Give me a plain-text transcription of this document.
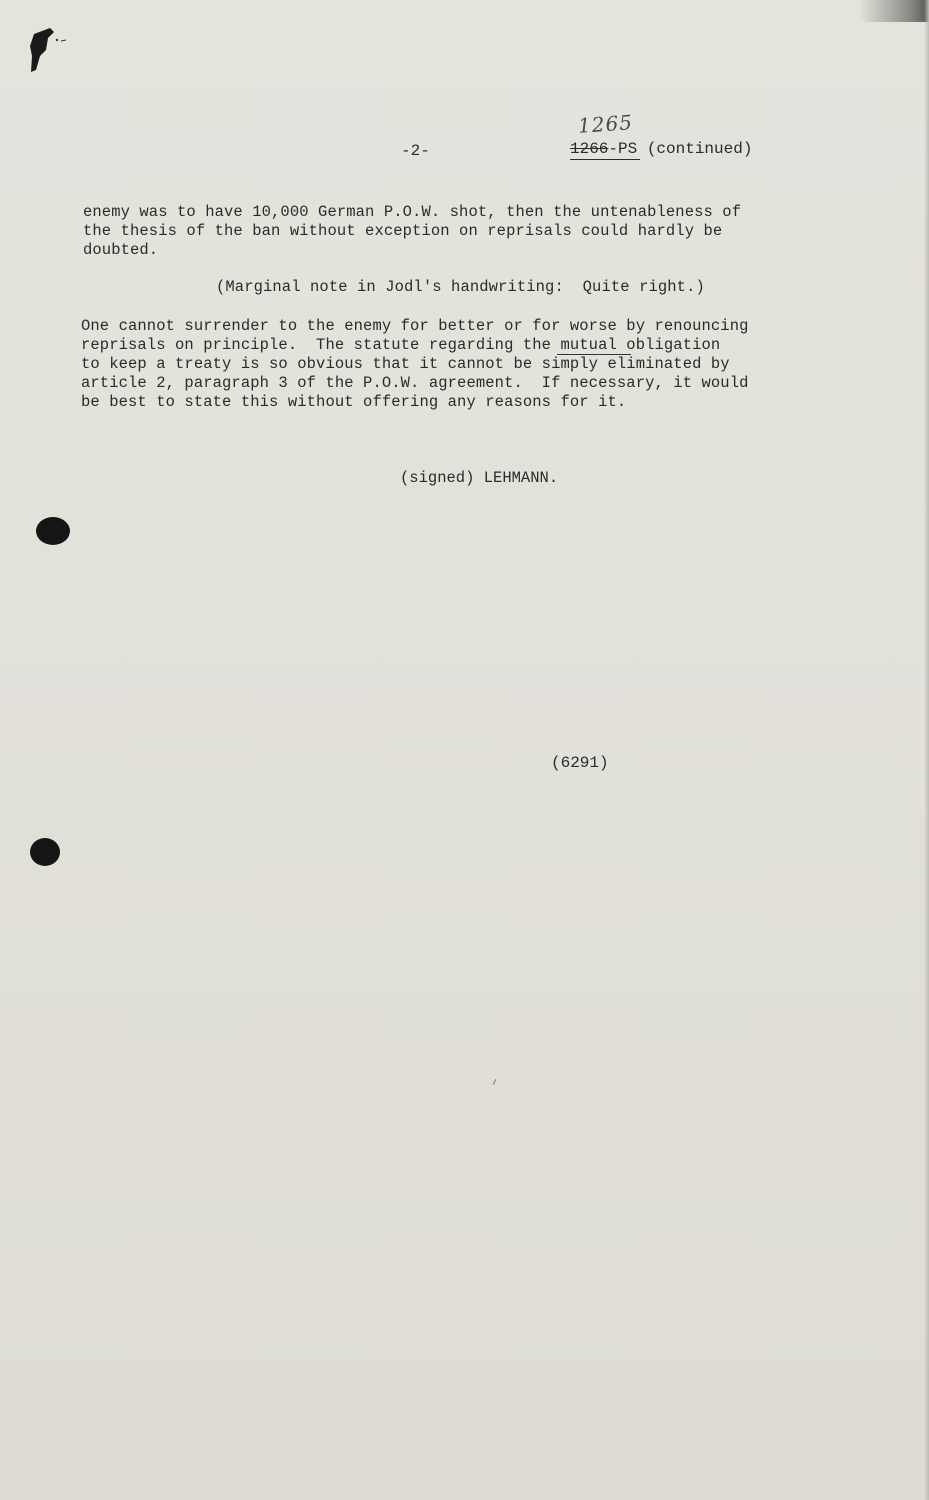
1265
-2-	1266-PS (continued)
enemy was to have 10,000 German P.O.W. shot, then the untenableness of
the thesis of the ban without exception on reprisals could hardly be
doubted.
(Marginal note in Jodl's handwriting:  Quite right.)
One cannot surrender to the enemy for better or for worse by renouncing
reprisals on principle.  The statute regarding the mutual obligation
to keep a treaty is so obvious that it cannot be simply eliminated by
article 2, paragraph 3 of the P.O.W. agreement.  If necessary, it would
be best to state this without offering any reasons for it.
(signed) LEHMANN.
(6291)
